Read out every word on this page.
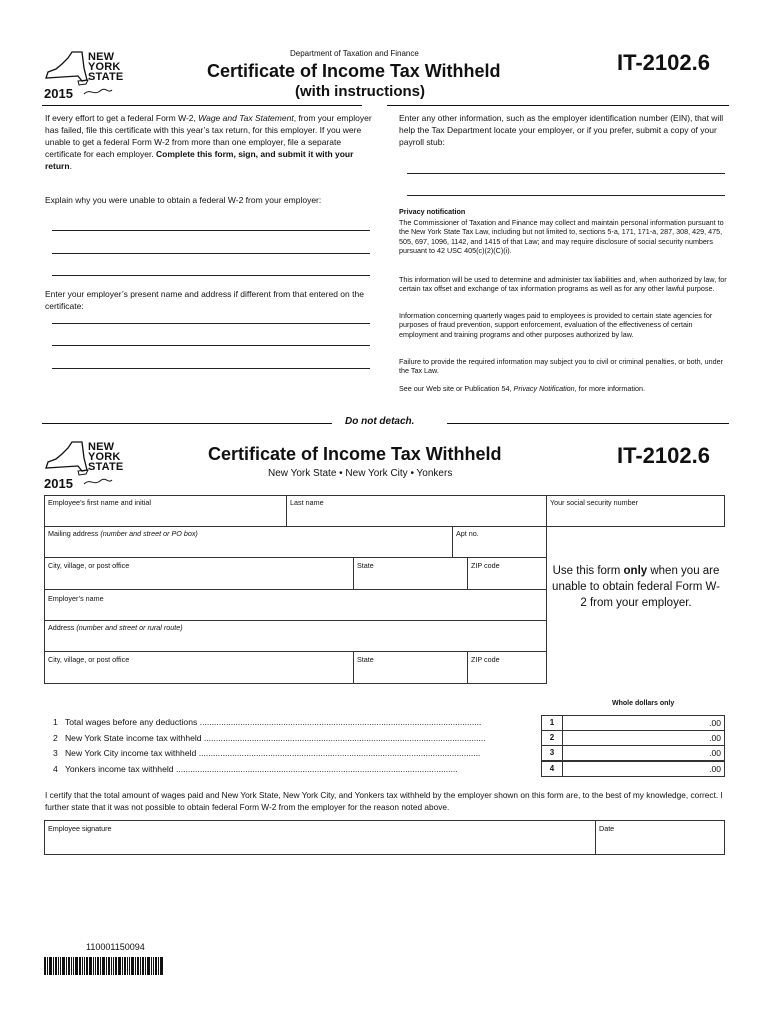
NEW
YORK
STATE
2015
Department of Taxation and Finance
Certificate of Income Tax Withheld
(with instructions)
IT-2102.6
If every effort to get a federal Form W-2, Wage and Tax Statement, from your employer has failed, file this certificate with this year’s tax return, for this employer. If you were unable to get a federal Form W-2 from more than one employer, file a separate certificate for each employer. Complete this form, sign, and submit it with your return.
Explain why you were unable to obtain a federal W-2 from your employer:
Enter your employer’s present name and address if different from that entered on the certificate:
Enter any other information, such as the employer identification number (EIN), that will help the Tax Department locate your employer, or if you prefer, submit a copy of your payroll stub:
Privacy notification
The Commissioner of Taxation and Finance may collect and maintain personal information pursuant to the New York State Tax Law, including but not limited to, sections 5-a, 171, 171-a, 287, 308, 429, 475, 505, 697, 1096, 1142, and 1415 of that Law; and may require disclosure of social security numbers pursuant to 42 USC 405(c)(2)(C)(i).
This information will be used to determine and administer tax liabilities and, when authorized by law, for certain tax offset and exchange of tax information programs as well as for any other lawful purpose.
Information concerning quarterly wages paid to employees is provided to certain state agencies for purposes of fraud prevention, support enforcement, evaluation of the effectiveness of certain employment and training programs and other purposes authorized by law.
Failure to provide the required information may subject you to civil or criminal penalties, or both, under the Tax Law.
See our Web site or Publication 54, Privacy Notification, for more information.
Do not detach.
NEW
YORK
STATE
2015
Certificate of Income Tax Withheld
New York State • New York City • Yonkers
IT-2102.6
Employee’s first name and initial	Last name	Your social security number
Mailing address (number and street or PO box)	Apt no.
City, village, or post office	State	ZIP code
Employer’s name
Address (number and street or rural route)
City, village, or post office	State	ZIP code
Use this form only when you are unable to obtain federal Form W-2 from your employer.
Whole dollars only
1 Total wages before any deductions ......................................................................................................................	1	.00
2 New York State income tax withheld ......................................................................................................................	2	.00
3 New York City income tax withheld ......................................................................................................................	3	.00
4 Yonkers income tax withheld ......................................................................................................................	4	.00
I certify that the total amount of wages paid and New York State, New York City, and Yonkers tax withheld by the employer shown on this form are, to the best of my knowledge, correct. I further state that it was not possible to obtain federal Form W-2 from the employer for the reason noted above.
Employee signature	Date
110001150094
